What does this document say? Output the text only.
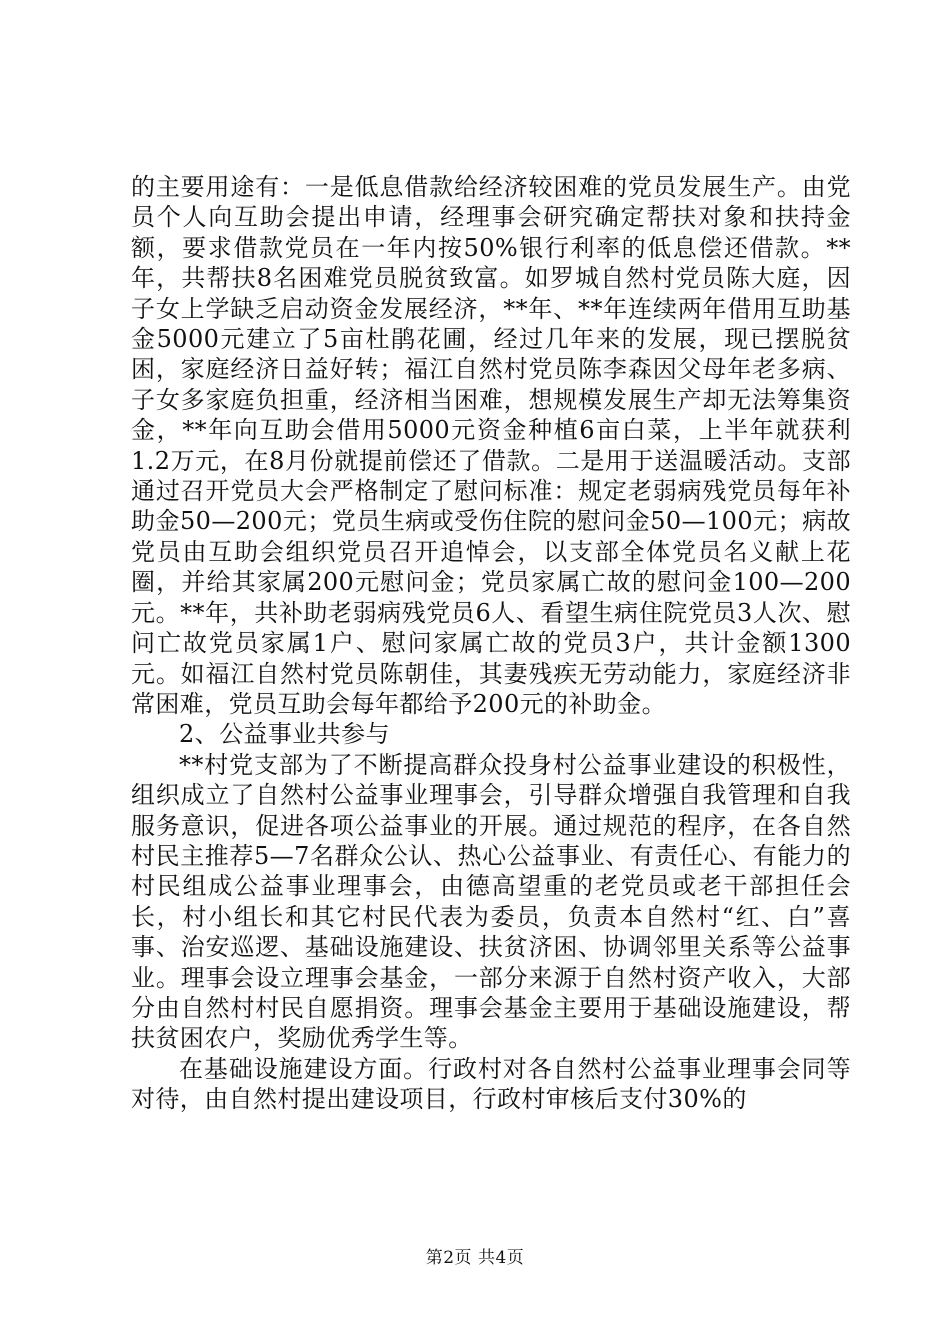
的主要用途有：一是低息借款给经济较困难的党员发展生产。由党员个人向互助会提出申请，经理事会研究确定帮扶对象和扶持金额，要求借款党员在一年内按50%银行利率的低息偿还借款。**年，共帮扶8名困难党员脱贫致富。如罗城自然村党员陈大庭，因子女上学缺乏启动资金发展经济，**年、**年连续两年借用互助基金5000元建立了5亩杜鹃花圃，经过几年来的发展，现已摆脱贫困，家庭经济日益好转；福江自然村党员陈李森因父母年老多病、子女多家庭负担重，经济相当困难，想规模发展生产却无法筹集资金，**年向互助会借用5000元资金种植6亩白菜，上半年就获利1.2万元，在8月份就提前偿还了借款。二是用于送温暖活动。支部通过召开党员大会严格制定了慰问标准：规定老弱病残党员每年补助金50—200元；党员生病或受伤住院的慰问金50—100元；病故党员由互助会组织党员召开追悼会，以支部全体党员名义献上花圈，并给其家属200元慰问金；党员家属亡故的慰问金100—200元。**年，共补助老弱病残党员6人、看望生病住院党员3人次、慰问亡故党员家属1户、慰问家属亡故的党员3户，共计金额1300元。如福江自然村党员陈朝佳，其妻残疾无劳动能力，家庭经济非常困难，党员互助会每年都给予200元的补助金。

2、公益事业共参与

**村党支部为了不断提高群众投身村公益事业建设的积极性，组织成立了自然村公益事业理事会，引导群众增强自我管理和自我服务意识，促进各项公益事业的开展。通过规范的程序，在各自然村民主推荐5—7名群众公认、热心公益事业、有责任心、有能力的村民组成公益事业理事会，由德高望重的老党员或老干部担任会长，村小组长和其它村民代表为委员，负责本自然村“红、白”喜事、治安巡逻、基础设施建设、扶贫济困、协调邻里关系等公益事业。理事会设立理事会基金，一部分来源于自然村资产收入，大部分由自然村村民自愿捐资。理事会基金主要用于基础设施建设，帮扶贫困农户，奖励优秀学生等。

在基础设施建设方面。行政村对各自然村公益事业理事会同等对待，由自然村提出建设项目，行政村审核后支付30%的

第2页 共4页
